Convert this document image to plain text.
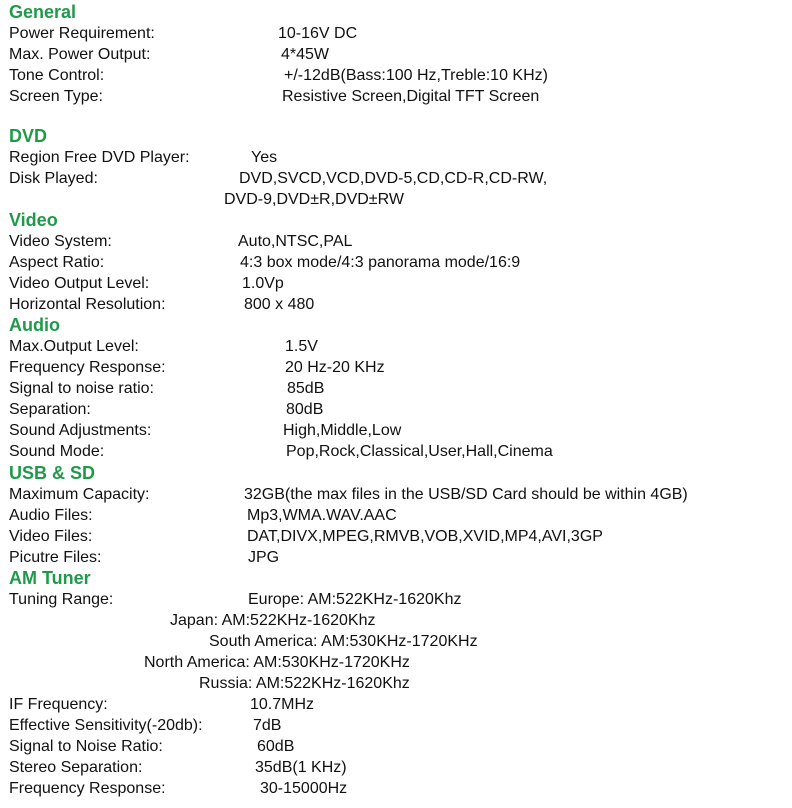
General
Power Requirement:	10-16V DC
Max. Power Output:	4*45W
Tone Control:	+/-12dB(Bass:100 Hz,Treble:10 KHz)
Screen Type:	Resistive Screen,Digital TFT Screen
DVD
Region Free DVD Player:	Yes
Disk Played:	DVD,SVCD,VCD,DVD-5,CD,CD-R,CD-RW,
DVD-9,DVD±R,DVD±RW
Video
Video System:	Auto,NTSC,PAL
Aspect Ratio:	4:3 box mode/4:3 panorama mode/16:9
Video Output Level:	1.0Vp
Horizontal Resolution:	800 x 480
Audio
Max.Output Level:	1.5V
Frequency Response:	20 Hz-20 KHz
Signal to noise ratio:	85dB
Separation:	80dB
Sound Adjustments:	High,Middle,Low
Sound Mode:	Pop,Rock,Classical,User,Hall,Cinema
USB & SD
Maximum Capacity:	32GB(the max files in the USB/SD Card should be within 4GB)
Audio Files:	Mp3,WMA.WAV.AAC
Video Files:	DAT,DIVX,MPEG,RMVB,VOB,XVID,MP4,AVI,3GP
Picutre Files:	JPG
AM Tuner
Tuning Range:	Europe: AM:522KHz-1620Khz
Japan: AM:522KHz-1620Khz
South America: AM:530KHz-1720KHz
North America: AM:530KHz-1720KHz
Russia: AM:522KHz-1620Khz
IF Frequency:	10.7MHz
Effective Sensitivity(-20db):	7dB
Signal to Noise Ratio:	60dB
Stereo Separation:	35dB(1 KHz)
Frequency Response:	30-15000Hz
